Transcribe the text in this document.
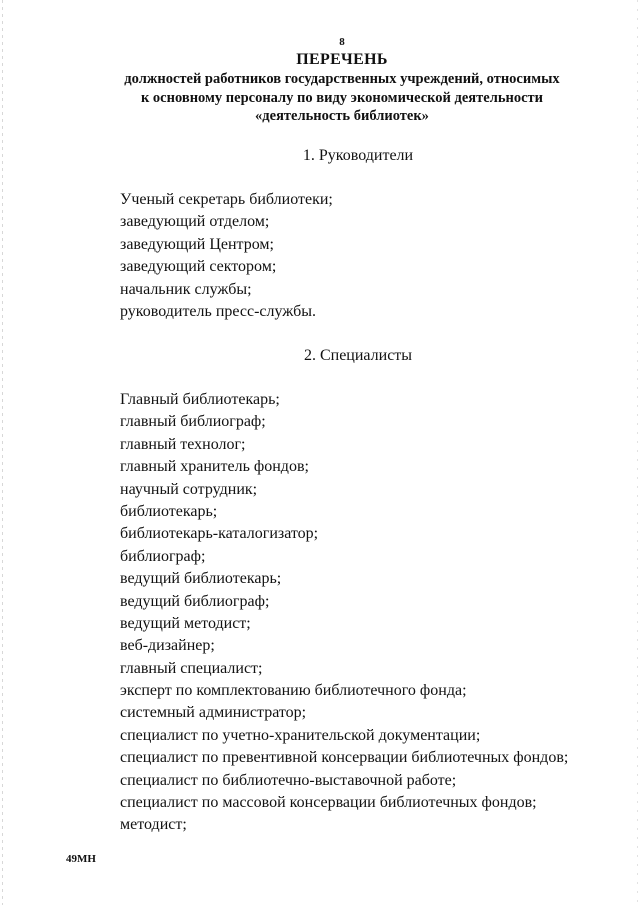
8
ПЕРЕЧЕНЬ
должностей работников государственных учреждений, относимых
к основному персоналу по виду экономической деятельности
«деятельность библиотек»
1. Руководители
Ученый секретарь библиотеки;
заведующий отделом;
заведующий Центром;
заведующий сектором;
начальник службы;
руководитель пресс-службы.
2. Специалисты
Главный библиотекарь;
главный библиограф;
главный технолог;
главный хранитель фондов;
научный сотрудник;
библиотекарь;
библиотекарь-каталогизатор;
библиограф;
ведущий библиотекарь;
ведущий библиограф;
ведущий методист;
веб-дизайнер;
главный специалист;
эксперт по комплектованию библиотечного фонда;
системный администратор;
специалист по учетно-хранительской документации;
специалист по превентивной консервации библиотечных фондов;
специалист по библиотечно-выставочной работе;
специалист по массовой консервации библиотечных фондов;
методист;
49МН
